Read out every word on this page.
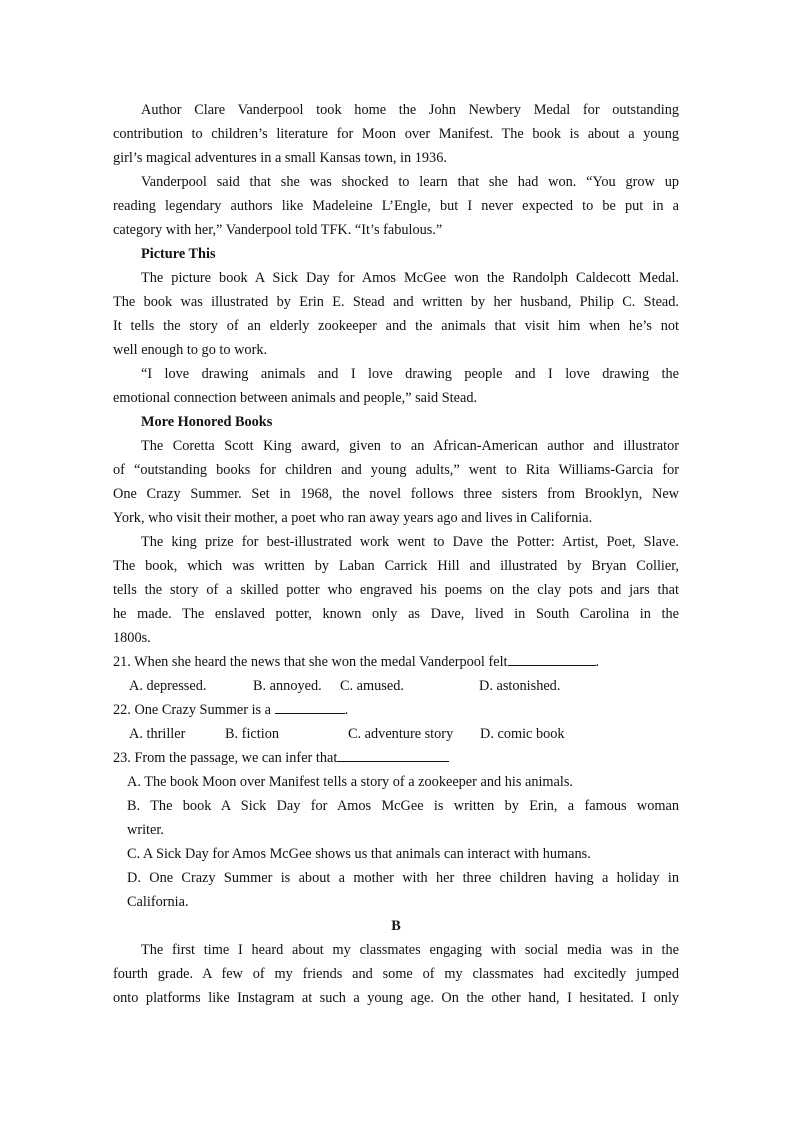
Author Clare Vanderpool took home the John Newbery Medal for outstanding
contribution to children’s literature for Moon over Manifest. The book is about a young
girl’s magical adventures in a small Kansas town, in 1936.
Vanderpool said that she was shocked to learn that she had won. “You grow up
reading legendary authors like Madeleine L’Engle, but I never expected to be put in a
category with her,” Vanderpool told TFK. “It’s fabulous.”
Picture This
The picture book A Sick Day for Amos McGee won the Randolph Caldecott Medal.
The book was illustrated by Erin E. Stead and written by her husband, Philip C. Stead.
It tells the story of an elderly zookeeper and the animals that visit him when he’s not
well enough to go to work.
“I love drawing animals and I love drawing people and I love drawing the
emotional connection between animals and people,” said Stead.
More Honored Books
The Coretta Scott King award, given to an African-American author and illustrator
of “outstanding books for children and young adults,” went to Rita Williams-Garcia for
One Crazy Summer. Set in 1968, the novel follows three sisters from Brooklyn, New
York, who visit their mother, a poet who ran away years ago and lives in California.
The king prize for best-illustrated work went to Dave the Potter: Artist, Poet, Slave.
The book, which was written by Laban Carrick Hill and illustrated by Bryan Collier,
tells the story of a skilled potter who engraved his poems on the clay pots and jars that
he made. The enslaved potter, known only as Dave, lived in South Carolina in the
1800s.
21. When she heard the news that she won the medal Vanderpool felt	.
A. depressed.	B. annoyed. C. amused.	D. astonished.
22. One Crazy Summer is a	.
A. thriller	B. fiction	C. adventure story D. comic book
23. From the passage, we can infer that
A. The book Moon over Manifest tells a story of a zookeeper and his animals.
B. The book A Sick Day for Amos McGee is written by Erin, a famous woman
writer.
C. A Sick Day for Amos McGee shows us that animals can interact with humans.
D. One Crazy Summer is about a mother with her three children having a holiday in
California.
B
The first time I heard about my classmates engaging with social media was in the
fourth grade. A few of my friends and some of my classmates had excitedly jumped
onto platforms like Instagram at such a young age. On the other hand, I hesitated. I only
